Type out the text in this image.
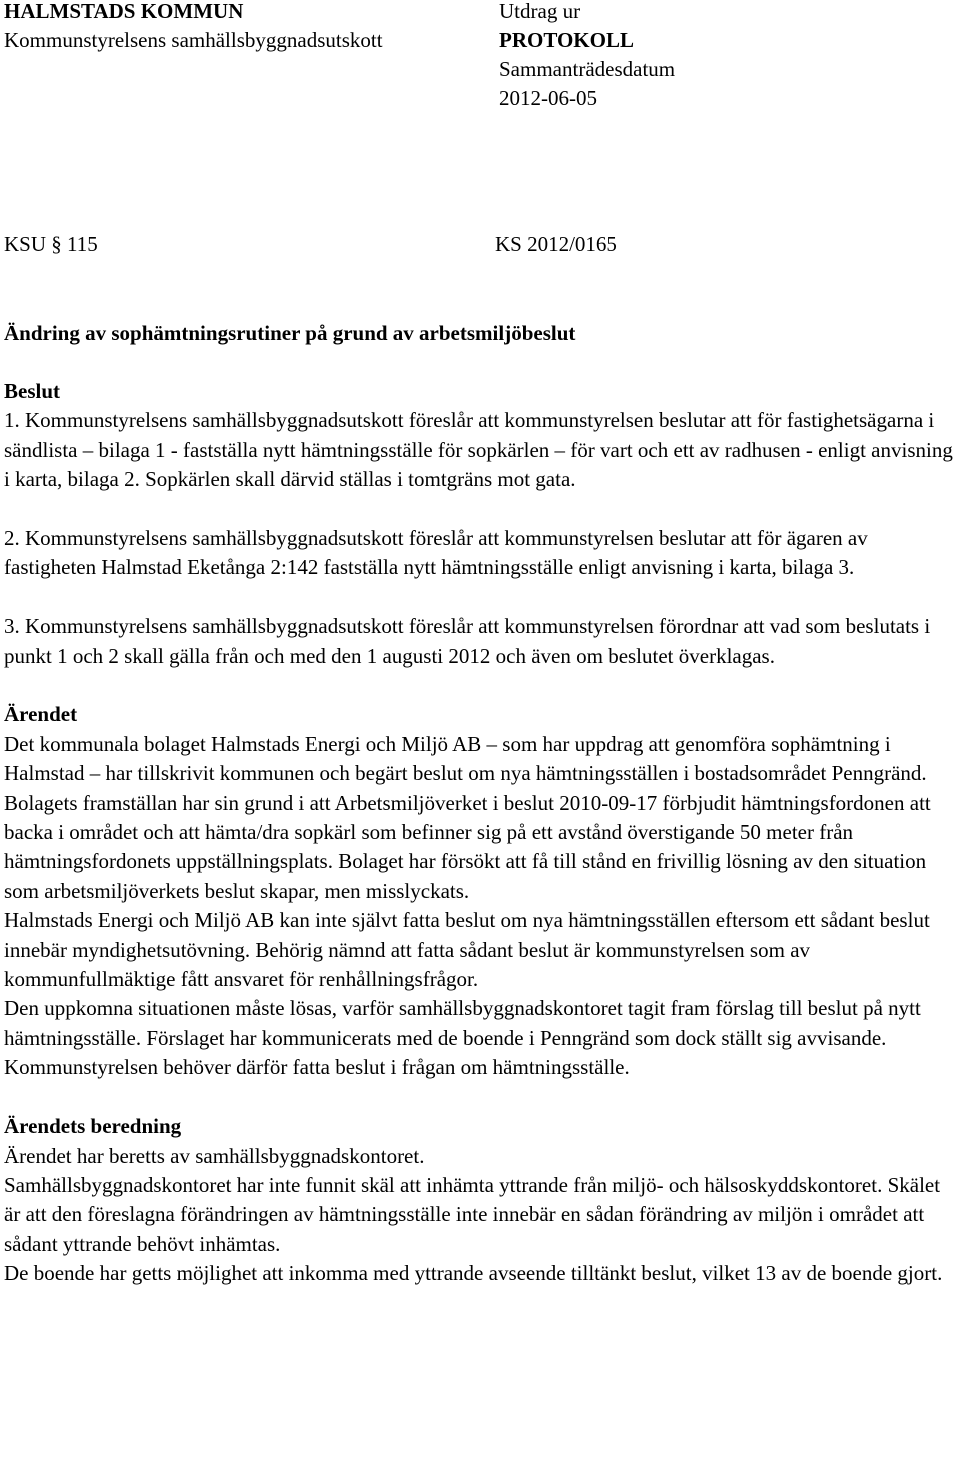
HALMSTADS KOMMUN
Kommunstyrelsens samhällsbyggnadsutskott
Utdrag ur
PROTOKOLL
Sammanträdesdatum
2012-06-05
KSU § 115	KS 2012/0165
Ändring av sophämtningsrutiner på grund av arbetsmiljöbeslut
Beslut

1. Kommunstyrelsens samhällsbyggnadsutskott föreslår att kommunstyrelsen beslutar att för fastighetsägarna i sändlista – bilaga 1 - fastställa nytt hämtningsställe för sopkärlen – för vart och ett av radhusen - enligt anvisning i karta, bilaga 2. Sopkärlen skall därvid ställas i tomtgräns mot gata.

2. Kommunstyrelsens samhällsbyggnadsutskott föreslår att kommunstyrelsen beslutar att för ägaren av fastigheten Halmstad Eketånga 2:142 fastställa nytt hämtningsställe enligt anvisning i karta, bilaga 3.

3. Kommunstyrelsens samhällsbyggnadsutskott föreslår att kommunstyrelsen förordnar att vad som beslutats i punkt 1 och 2 skall gälla från och med den 1 augusti 2012 och även om beslutet överklagas.

Ärendet

Det kommunala bolaget Halmstads Energi och Miljö AB – som har uppdrag att genomföra sophämtning i Halmstad – har tillskrivit kommunen och begärt beslut om nya hämtningsställen i bostadsområdet Penngränd. Bolagets framställan har sin grund i att Arbetsmiljöverket i beslut 2010-09-17 förbjudit hämtningsfordonen att backa i området och att hämta/dra sopkärl som befinner sig på ett avstånd överstigande 50 meter från hämtningsfordonets uppställningsplats. Bolaget har försökt att få till stånd en frivillig lösning av den situation som arbetsmiljöverkets beslut skapar, men misslyckats.

Halmstads Energi och Miljö AB kan inte självt fatta beslut om nya hämtningsställen eftersom ett sådant beslut innebär myndighetsutövning. Behörig nämnd att fatta sådant beslut är kommunstyrelsen som av kommunfullmäktige fått ansvaret för renhållningsfrågor.

Den uppkomna situationen måste lösas, varför samhällsbyggnadskontoret tagit fram förslag till beslut på nytt hämtningsställe. Förslaget har kommunicerats med de boende i Penngränd som dock ställt sig avvisande. Kommunstyrelsen behöver därför fatta beslut i frågan om hämtningsställe.

Ärendets beredning

Ärendet har beretts av samhällsbyggnadskontoret.

Samhällsbyggnadskontoret har inte funnit skäl att inhämta yttrande från miljö- och hälsoskyddskontoret. Skälet är att den föreslagna förändringen av hämtningsställe inte innebär en sådan förändring av miljön i området att sådant yttrande behövt inhämtas.

De boende har getts möjlighet att inkomma med yttrande avseende tilltänkt beslut, vilket 13 av de boende gjort.
